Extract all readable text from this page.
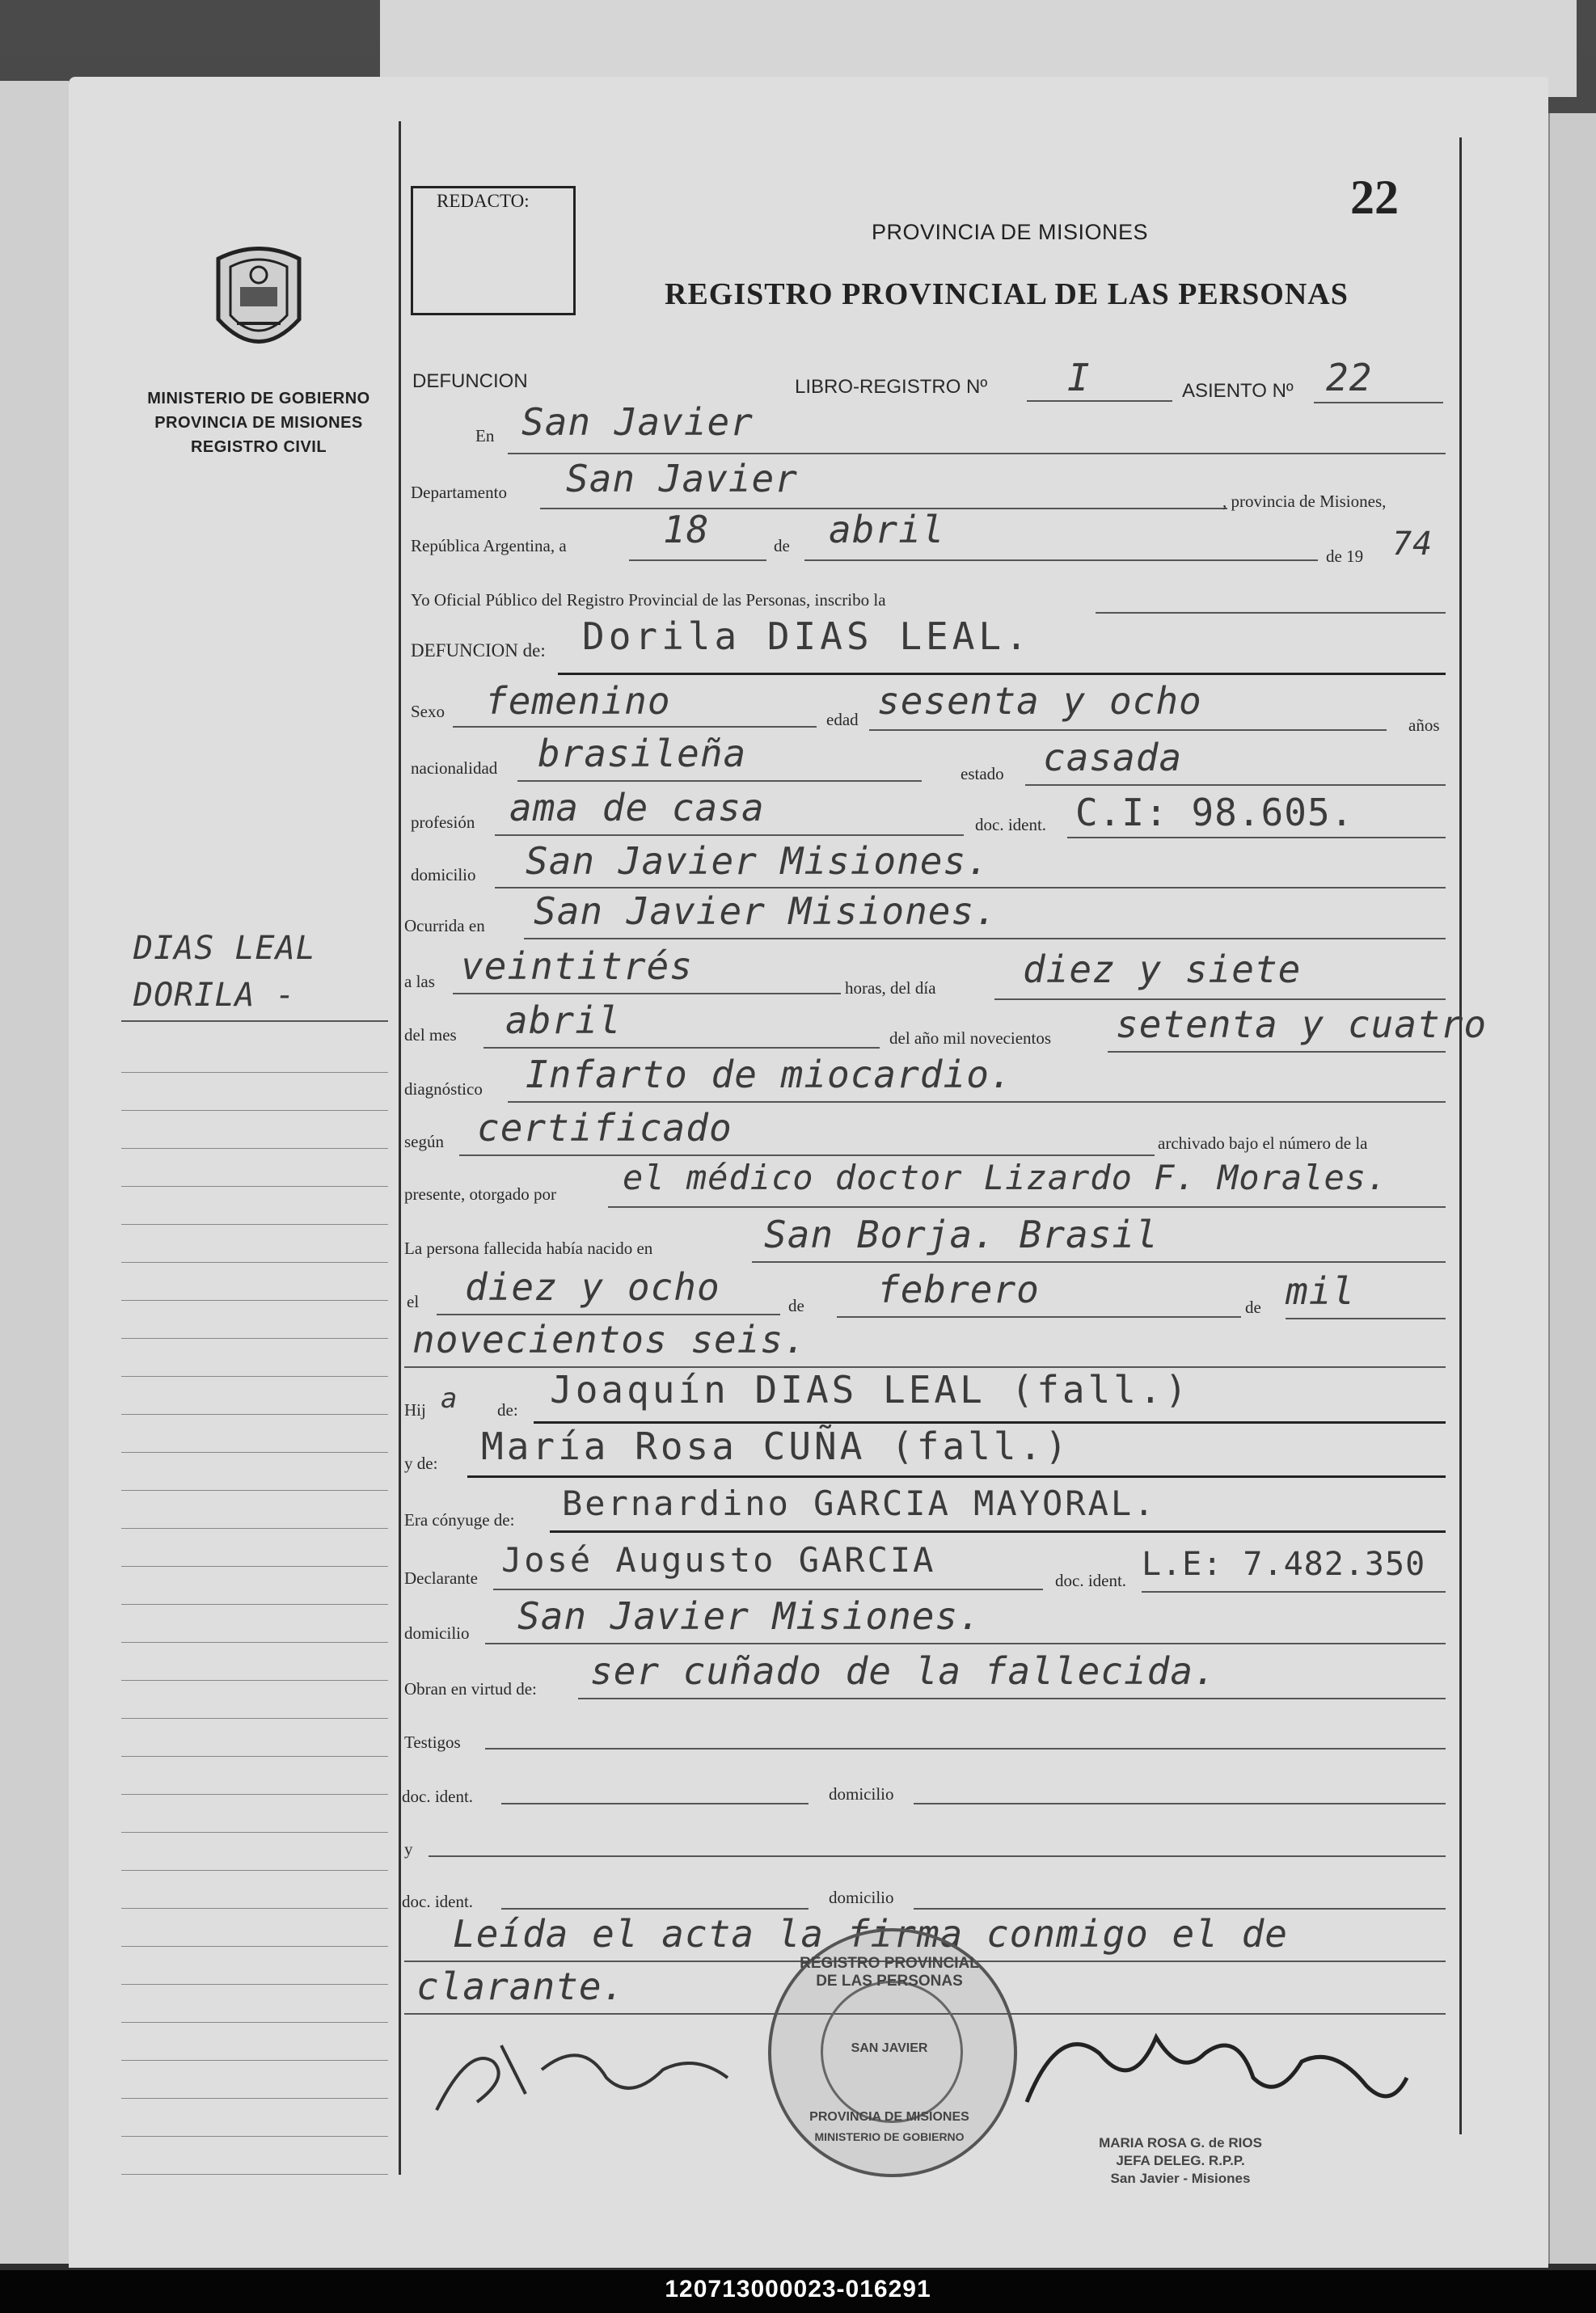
MINISTERIO DE GOBIERNO
PROVINCIA DE MISIONES
REGISTRO CIVIL
REDACTO:	22
PROVINCIA DE MISIONES
REGISTRO PROVINCIAL DE LAS PERSONAS
DIAS LEAL
DORILA -
DEFUNCION	LIBRO-REGISTRO Nº I	ASIENTO Nº 22
En San Javier
Departamento San Javier
, provincia de Misiones,
República Argentina, a	18	de abril
de 19 74
Yo Oficial Público del Registro Provincial de las Personas, inscribo la
DEFUNCION de: Dorila DIAS LEAL.
Sexo femenino	edad sesenta y ocho
años
nacionalidad brasileña	estado casada
profesión ama de casa	doc. ident. C.I: 98.605.
domicilio San Javier Misiones.
Ocurrida en San Javier Misiones.
a las veintitrés	horas, del día diez y siete
del mes abril	del año mil novecientos setenta y cuatro
diagnóstico Infarto de miocardio.
según certificado	archivado bajo el número de la
presente, otorgado por el médico doctor Lizardo F. Morales.
La persona fallecida había nacido en	San Borja. Brasil
el diez y ocho	de febrero	de mil
novecientos seis.
Hij a de: Joaquín DIAS LEAL (fall.)
y de: María Rosa CUÑA (fall.)
Era cónyuge de: Bernardino GARCIA MAYORAL.
Declarante José Augusto GARCIA
doc. ident. L.E: 7.482.350
domicilio San Javier Misiones.
Obran en virtud de: ser cuñado de la fallecida.
Testigos
doc. ident.	domicilio
y
doc. ident.	domicilio
Leída el acta la firma conmigo el de
clarante.
REGISTRO PROVINCIAL DE LAS PERSONAS
SAN JAVIER
PROVINCIA DE MISIONES
MINISTERIO DE GOBIERNO	MARIA ROSA G. de RIOS
JEFA DELEG. R.P.P.
San Javier - Misiones
120713000023-016291
